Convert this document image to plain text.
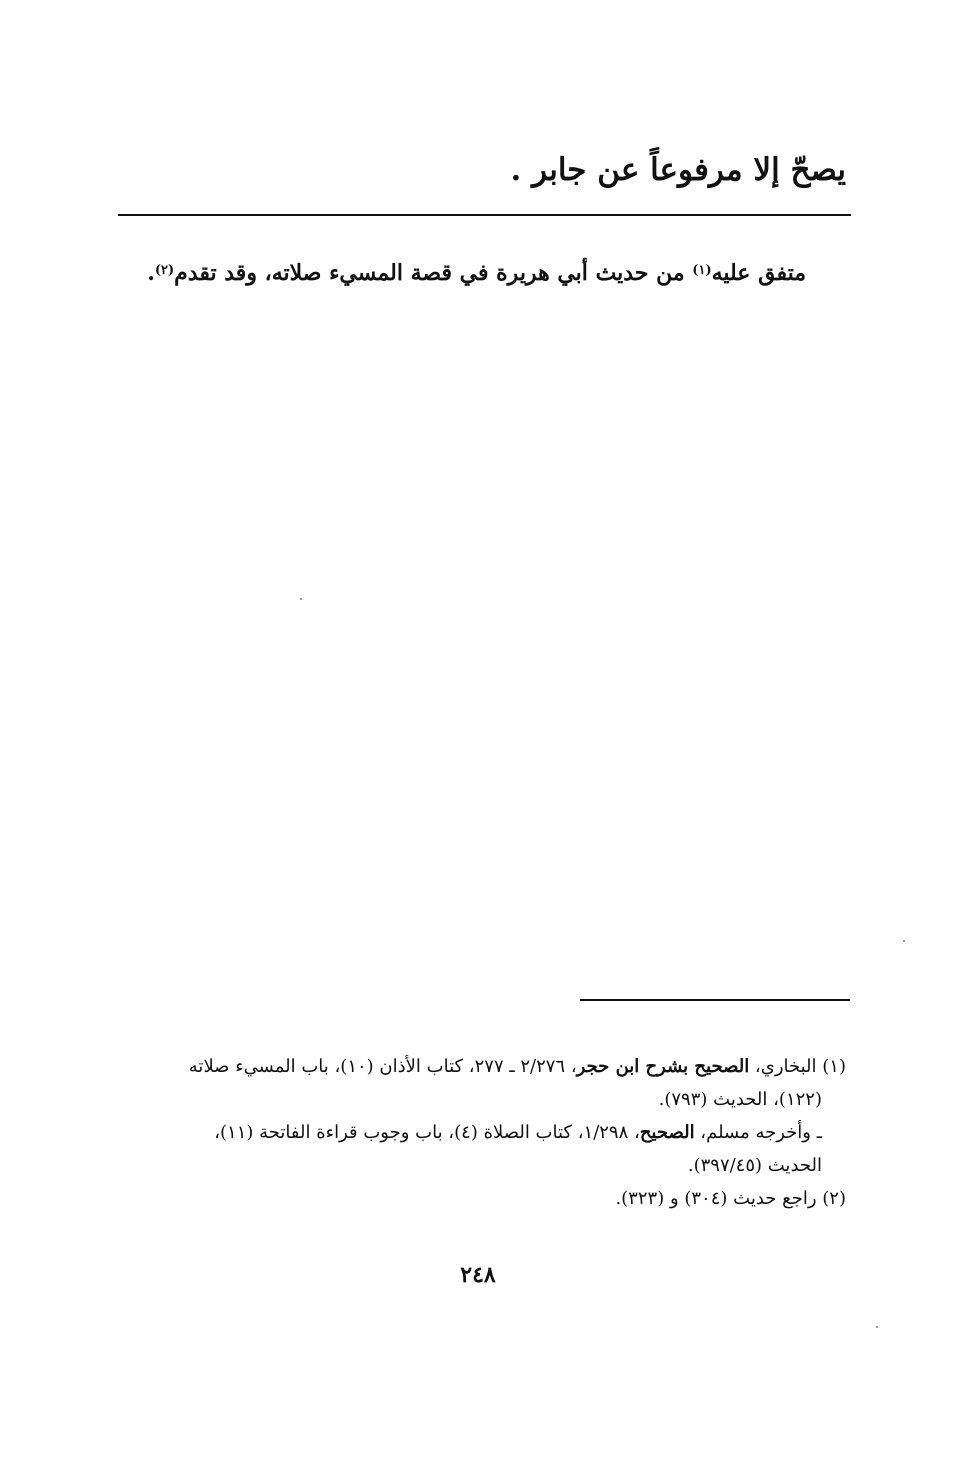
يصحّ إلا مرفوعاً عن جابر .
متفق عليه$^{(١)}$ من حديث أبي هريرة في قصة المسيء صلاته، وقد تقدم$^{(٢)}$.

(١) البخاري، الصحيح بشرح ابن حجر، ٢/٢٧٦ ـ ٢٧٧، كتاب الأذان (١٠)، باب المسيء صلاته
(١٢٢)، الحديث (٧٩٣).
ـ وأخرجه مسلم، الصحيح، ١/٢٩٨، كتاب الصلاة (٤)، باب وجوب قراءة الفاتحة (١١)،
الحديث (٣٩٧/٤٥).

(٢) راجع حديث (٣٠٤) و (٣٢٣).

٢٤٨
